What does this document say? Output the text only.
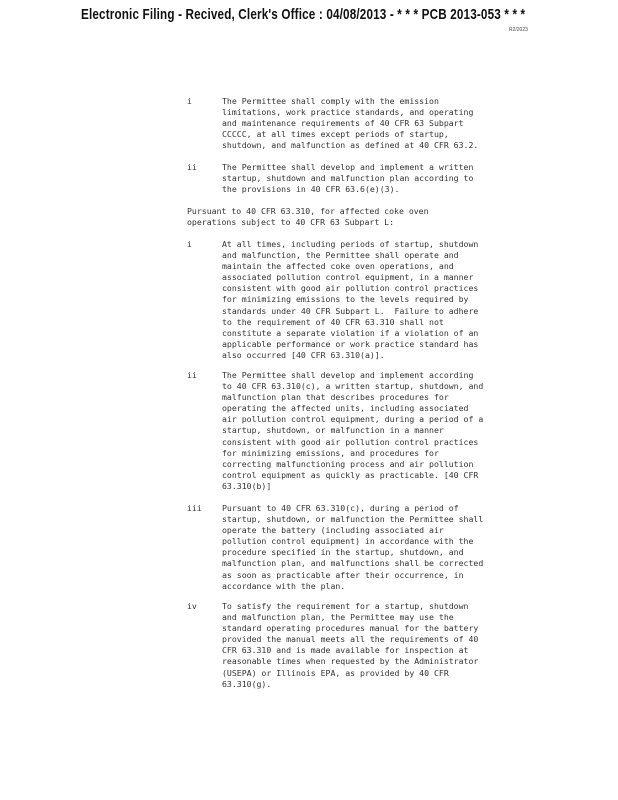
Electronic Filing - Recived, Clerk's Office : 04/08/2013 - * * * PCB 2013-053 * * *
R2/2023
i	The Permittee shall comply with the emission
limitations, work practice standards, and operating
and maintenance requirements of 40 CFR 63 Subpart
CCCCC, at all times except periods of startup,
shutdown, and malfunction as defined at 40 CFR 63.2.
ii	The Permittee shall develop and implement a written
startup, shutdown and malfunction plan according to
the provisions in 40 CFR 63.6(e)(3).
Pursuant to 40 CFR 63.310, for affected coke oven
operations subject to 40 CFR 63 Subpart L:
i	At all times, including periods of startup, shutdown
and malfunction, the Permittee shall operate and
maintain the affected coke oven operations, and
associated pollution control equipment, in a manner
consistent with good air pollution control practices
for minimizing emissions to the levels required by
standards under 40 CFR Subpart L.  Failure to adhere
to the requirement of 40 CFR 63.310 shall not
constitute a separate violation if a violation of an
applicable performance or work practice standard has
also occurred [40 CFR 63.310(a)].
ii	The Permittee shall develop and implement according
to 40 CFR 63.310(c), a written startup, shutdown, and
malfunction plan that describes procedures for
operating the affected units, including associated
air pollution control equipment, during a period of a
startup, shutdown, or malfunction in a manner
consistent with good air pollution control practices
for minimizing emissions, and procedures for
correcting malfunctioning process and air pollution
control equipment as quickly as practicable. [40 CFR
63.310(b)]
iii Pursuant to 40 CFR 63.310(c), during a period of
startup, shutdown, or malfunction the Permittee shall
operate the battery (including associated air
pollution control equipment) in accordance with the
procedure specified in the startup, shutdown, and
malfunction plan, and malfunctions shall be corrected
as soon as practicable after their occurrence, in
accordance with the plan.
iv	To satisfy the requirement for a startup, shutdown
and malfunction plan, the Permittee may use the
standard operating procedures manual for the battery
provided the manual meets all the requirements of 40
CFR 63.310 and is made available for inspection at
reasonable times when requested by the Administrator
(USEPA) or Illinois EPA, as provided by 40 CFR
63.310(g).
